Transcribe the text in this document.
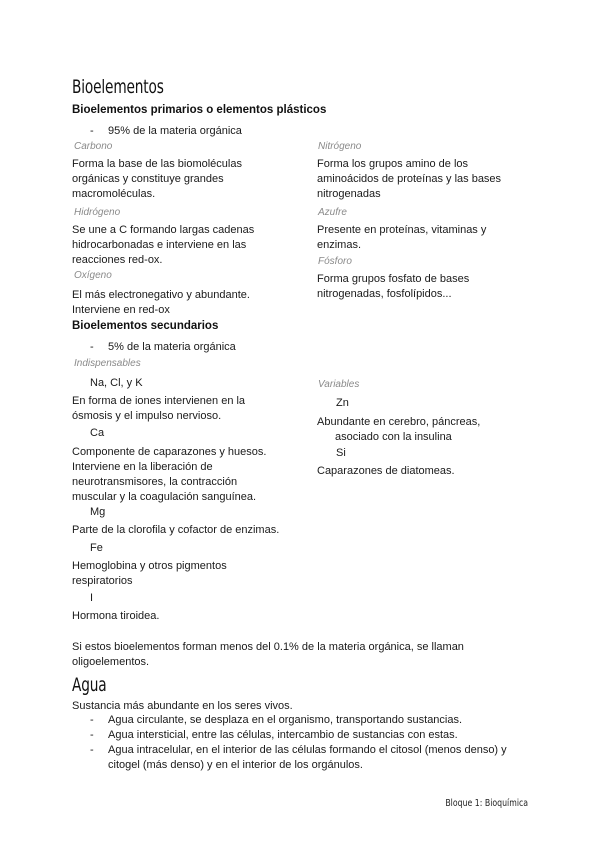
Bioelementos
Bioelementos primarios o elementos plásticos
- 95% de la materia orgánica
Carbono
Forma la base de las biomoléculas
orgánicas y constituye grandes
macromoléculas.
Hidrógeno
Se une a C formando largas cadenas
hidrocarbonadas e interviene en las
reacciones red-ox.
Oxígeno
El más electronegativo y abundante.
Interviene en red-ox
Nitrógeno
Forma los grupos amino de los
aminoácidos de proteínas y las bases
nitrogenadas
Azufre
Presente en proteínas, vitaminas y
enzimas.
Fósforo
Forma grupos fosfato de bases
nitrogenadas, fosfolípidos...
Bioelementos secundarios
- 5% de la materia orgánica
Indispensables
Na, Cl, y K
En forma de iones intervienen en la
ósmosis y el impulso nervioso.
Ca
Componente de caparazones y huesos.
Interviene en la liberación de
neurotransmisores, la contracción
muscular y la coagulación sanguínea.
Mg
Parte de la clorofila y cofactor de enzimas.
Fe
Hemoglobina y otros pigmentos
respiratorios
I
Hormona tiroidea.
Variables
Zn
Abundante en cerebro, páncreas,
asociado con la insulina
Si
Caparazones de diatomeas.
Si estos bioelementos forman menos del 0.1% de la materia orgánica, se llaman
oligoelementos.
Agua
Sustancia más abundante en los seres vivos.
- Agua circulante, se desplaza en el organismo, transportando sustancias.
- Agua intersticial, entre las células, intercambio de sustancias con estas.
- Agua intracelular, en el interior de las células formando el citosol (menos denso) y
citogel (más denso) y en el interior de los orgánulos.
Bloque 1: Bioquímica
